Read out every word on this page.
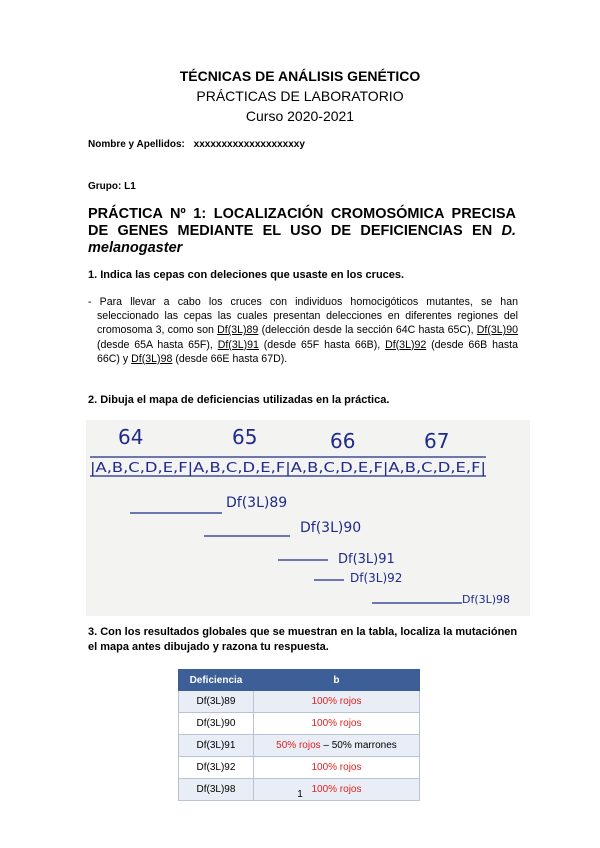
TÉCNICAS DE ANÁLISIS GENÉTICO
PRÁCTICAS DE LABORATORIO
Curso 2020-2021
Nombre y Apellidos: xxxxxxxxxxxxxxxxxxxy
Grupo: L1
PRÁCTICA Nº 1: LOCALIZACIÓN CROMOSÓMICA PRECISA DE GENES MEDIANTE EL USO DE DEFICIENCIAS EN D. melanogaster
1. Indica las cepas con deleciones que usaste en los cruces.
- Para llevar a cabo los cruces con individuos homocigóticos mutantes, se han seleccionado las cepas las cuales presentan delecciones en diferentes regiones del cromosoma 3, como son Df(3L)89 (delección desde la sección 64C hasta 65C), Df(3L)90 (desde 65A hasta 65F), Df(3L)91 (desde 65F hasta 66B), Df(3L)92 (desde 66B hasta 66C) y Df(3L)98 (desde 66E hasta 67D).
2. Dibuja el mapa de deficiencias utilizadas en la práctica.
64	65	66	67
|A,B,C,D,E,F|A,B,C,D,E,F|A,B,C,D,E,F|A,B,C,D,E,F|
Df(3L)89
Df(3L)90
Df(3L)91
Df(3L)92
Df(3L)98
3. Con los resultados globales que se muestran en la tabla, localiza la mutaciónen el mapa antes dibujado y razona tu respuesta.
Deficiencia	b
Df(3L)89	100% rojos
Df(3L)90	100% rojos
Df(3L)91	50% rojos – 50% marrones
Df(3L)92	100% rojos
Df(3L)98	100% rojos
1
